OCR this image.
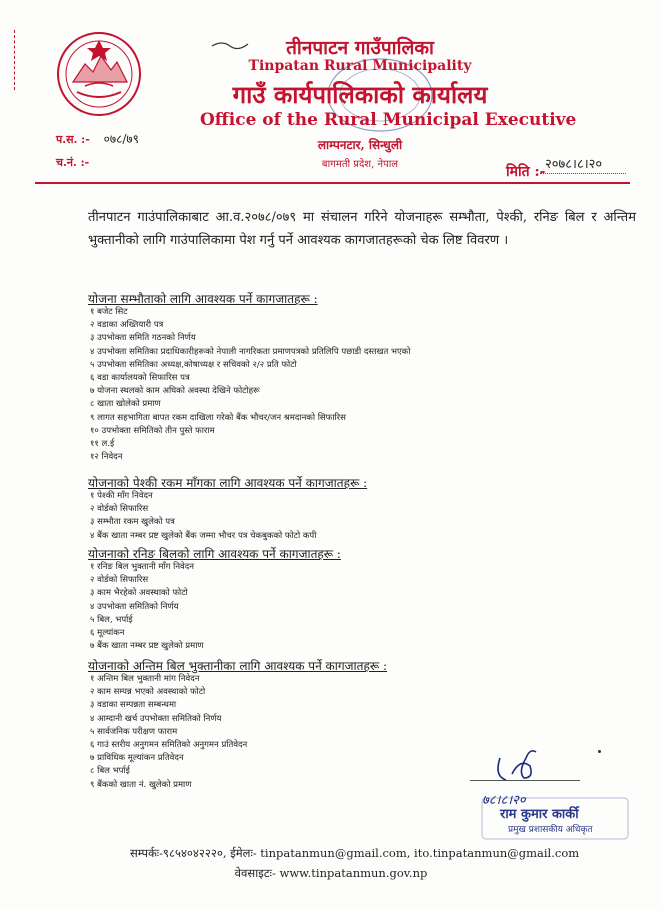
तीनपाटन गाउँपालिका
Tinpatan Rural Municipality
गाउँ कार्यपालिकाको कार्यालय
Office of the Rural Municipal Executive
लाम्पनटार, सिन्धुली
बागमती प्रदेश, नेपाल
प.स. :- ०७८/७९
च.नं. :-
मिति :- २०७८।८।२०
तीनपाटन गाउंपालिकाबाट आ.व.२०७८/०७९ मा संचालन गरिने योजनाहरू सम्भौता, पेश्की, रनिङ बिल र अन्तिम भुक्तानीको लागि गाउंपालिकामा पेश गर्नु पर्ने आवश्यक कागजातहरूको चेक लिष्ट विवरण ।
योजना सम्भौताको लागि आवश्यक पर्ने कागजातहरू :
१ बजेट सिट
२ वडाका अख्तियारी पत्र
३ उपभोक्ता समिति गठनको निर्णय
४ उपभोक्ता समितिका प्रदाधिकारीहरूको नेपाली नागरिकता प्रमाणपत्रको प्रतिलिपि पछाडी दस्तखत भएको
५ उपभोक्ता समितिका अध्यक्ष,कोषाध्यक्ष र सचिवको २/२ प्रति फोटो
६ वडा कार्यालयको सिफारिस पत्र
७ योजना स्थलको काम अघिको अवस्था देखिने फोटोहरू
८ खाता खोलेको प्रमाण
९ लागत सहभागिता बापत रकम दाखिला गरेको बैंक भौचर/जन श्रमदानको सिफारिस
१० उपभोक्ता समितिको तीन पुस्ते फाराम
११ ल.ई
१२ निवेदन
योजनाको पेश्की रकम माँगका लागि आवश्यक पर्ने कागजातहरू :
१ पेश्की माँग निवेदन
२ वोर्डको सिफारिस
३ सम्भौता रकम खुलेको पत्र
४ बैंक खाता नम्बर प्रष्ट खुलेको बैंक जम्मा भौचर पत्र चेकबुकको फोटो कपी
योजनाको रनिङ बिलको लागि आवश्यक पर्ने कागजातहरू :
१ रनिङ बिल भुक्तानी माँग निवेदन
२ वोर्डको सिफारिस
३ काम भैरहेको अवस्थाको फोटो
४ उपभोक्ता समितिको निर्णय
५ बिल, भर्पाई
६ मूल्यांकन
७ बैंक खाता नम्बर प्रष्ट खुलेको प्रमाण
योजनाको अन्तिम बिल भुक्तानीका लागि आवश्यक पर्ने कागजातहरू :
१ अन्तिम बिल भुक्तानी मांग निवेदन
२ काम सम्पन्न भएको अवस्थाको फोटो
३ वडाका सम्पन्नता सम्बन्धमा
४ आम्दानी खर्च उपभोक्ता समितिको निर्णय
५ सार्वजनिक परीक्षण फाराम
६ गाउं स्तरीय अनुगमन समितिको अनुगमन प्रतिवेदन
७ प्राविधिक मूल्यांकन प्रतिवेदन
८ बिल भर्पाई
९ बैंकको खाता नं. खुलेको प्रमाण
७८।८।२०
राम कुमार कार्की
प्रमुख प्रशासकीय अधिकृत
सम्पर्कः-९८५४०४२२२०, ईमेलः- tinpatanmun@gmail.com, ito.tinpatanmun@gmail.com
वेवसाइटः- www.tinpatanmun.gov.np
